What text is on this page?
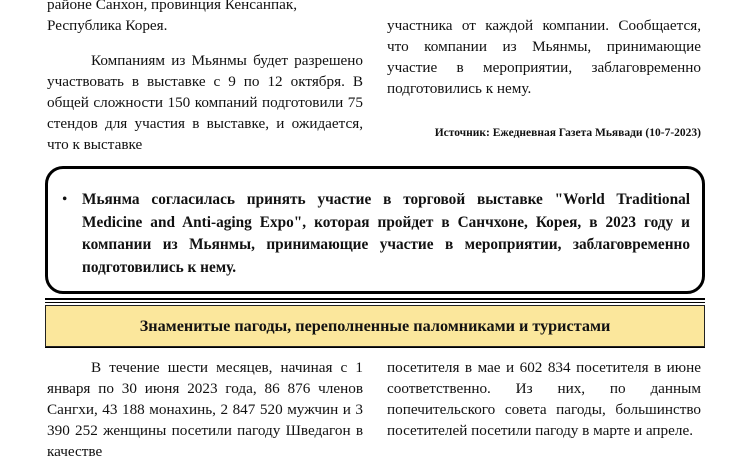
районе Санхон, провинция Кенсанпак,

Республика Корея.

Компаниям из Мьянмы будет разрешено участвовать в выставке с 9 по 12 октября. В общей сложности 150 компаний подготовили 75 стендов для участия в выставке, и ожидается, что к выставке

участника от каждой компании. Сообщается, что компании из Мьянмы, принимающие участие в мероприятии, заблаговременно подготовились к нему.

Источник: Ежедневная Газета Мьявади (10-7-2023)
• Мьянма согласилась принять участие в торговой выставке "World Traditional Medicine and Anti-aging Expo", которая пройдет в Санчхоне, Корея, в 2023 году и компании из Мьянмы, принимающие участие в мероприятии, заблаговременно подготовились к нему.
Знаменитые пагоды, переполненные паломниками и туристами

В течение шести месяцев, начиная с 1 января по 30 июня 2023 года, 86 876 членов Сангхи, 43 188 монахинь, 2 847 520 мужчин и 3 390 252 женщины посетили пагоду Шведагон в качестве

посетителя в мае и 602 834 посетителя в июне соответственно. Из них, по данным попечительского совета пагоды, большинство посетителей посетили пагоду в марте и апреле.
